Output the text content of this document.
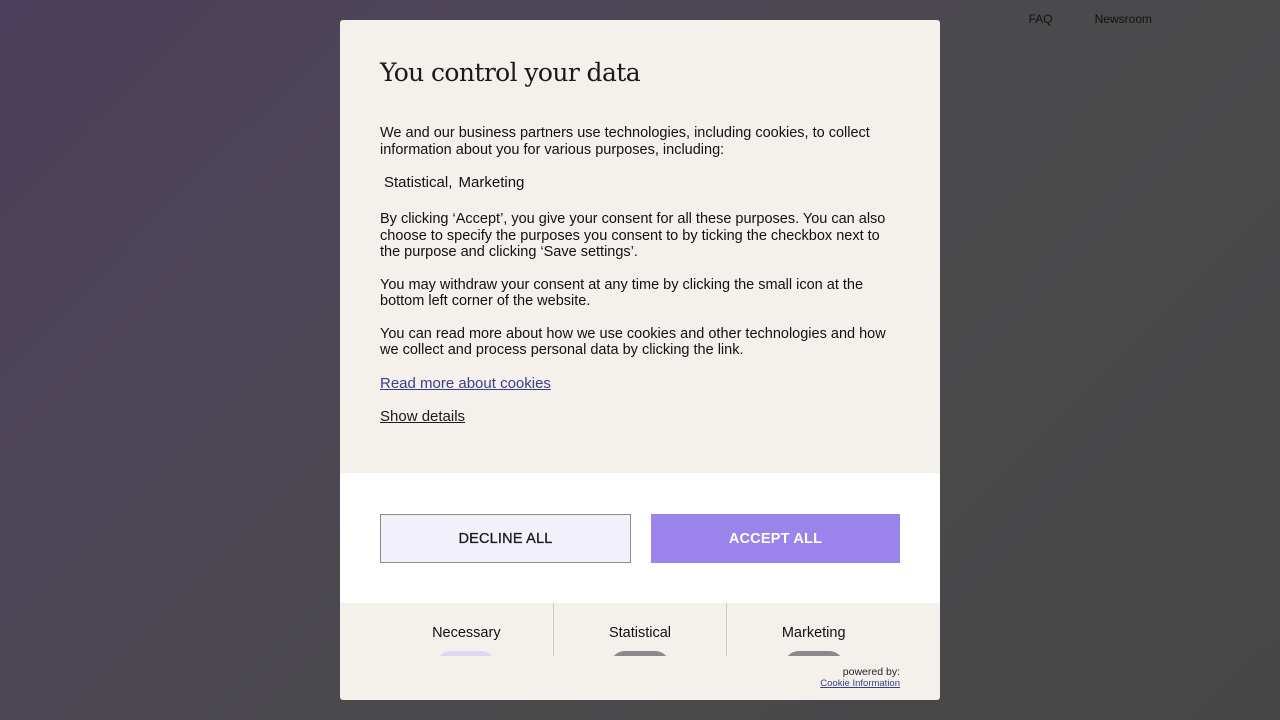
FAQ	Newsroom
You control your data

We and our business partners use technologies, including cookies, to collect information about you for various purposes, including:

Statistical, Marketing

By clicking ‘Accept’, you give your consent for all these purposes. You can also choose to specify the purposes you consent to by ticking the checkbox next to the purpose and clicking ‘Save settings’.

You may withdraw your consent at any time by clicking the small icon at the bottom left corner of the website.

You can read more about how we use cookies and other technologies and how we collect and process personal data by clicking the link.

Read more about cookies
Show details
DECLINE ALL	ACCEPT ALL
Necessary	Statistical	Marketing
powered by:
Cookie Information
